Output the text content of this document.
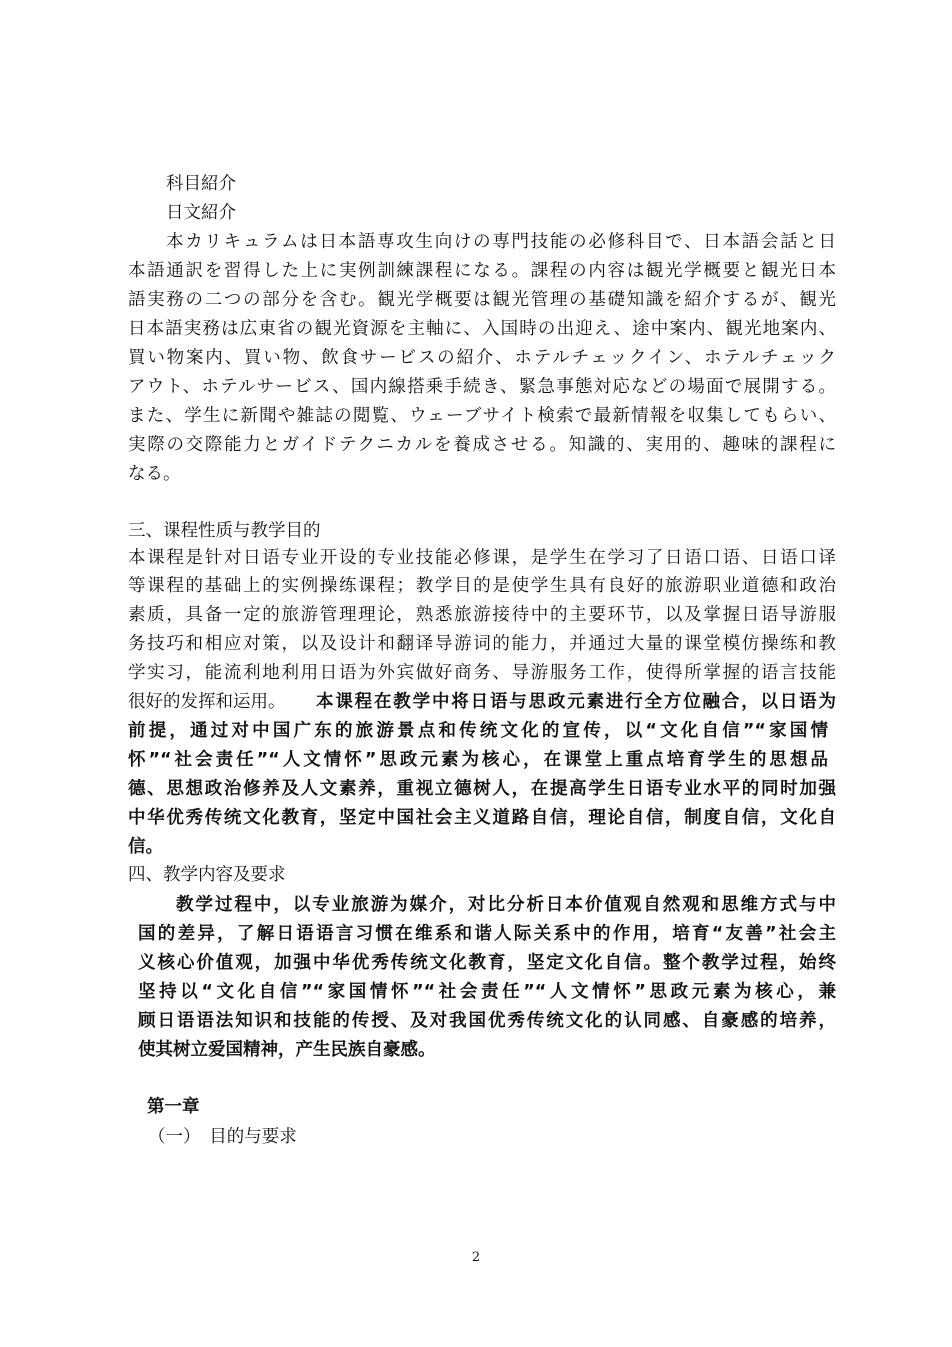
科目紹介
日文紹介
本カリキュラムは日本語専攻生向けの専門技能の必修科目で、日本語会話と日
本語通訳を習得した上に実例訓練課程になる。課程の内容は観光学概要と観光日本
語実務の二つの部分を含む。観光学概要は観光管理の基礎知識を紹介するが、観光
日本語実務は広東省の観光資源を主軸に、入国時の出迎え、途中案内、観光地案内、
買い物案内、買い物、飲食サービスの紹介、ホテルチェックイン、ホテルチェック
アウト、ホテルサービス、国内線搭乗手続き、緊急事態対応などの場面で展開する。
また、学生に新聞や雑誌の閲覧、ウェーブサイト検索で最新情報を収集してもらい、
実際の交際能力とガイドテクニカルを養成させる。知識的、実用的、趣味的課程に
なる。
三、课程性质与教学目的
本课程是针对日语专业开设的专业技能必修课，是学生在学习了日语口语、日语口译
等课程的基础上的实例操练课程；教学目的是使学生具有良好的旅游职业道德和政治
素质，具备一定的旅游管理理论，熟悉旅游接待中的主要环节，以及掌握日语导游服
务技巧和相应对策，以及设计和翻译导游词的能力，并通过大量的课堂模仿操练和教
学实习，能流利地利用日语为外宾做好商务、导游服务工作，使得所掌握的语言技能
很好的发挥和运用。 本课程在教学中将日语与思政元素进行全方位融合，以日语为
前提，通过对中国广东的旅游景点和传统文化的宣传，以“文化自信”“家国情
怀”“社会责任”“人文情怀”思政元素为核心，在课堂上重点培育学生的思想品
德、思想政治修养及人文素养，重视立德树人，在提高学生日语专业水平的同时加强
中华优秀传统文化教育，坚定中国社会主义道路自信，理论自信，制度自信，文化自
信。
四、教学内容及要求
教学过程中，以专业旅游为媒介，对比分析日本价值观自然观和思维方式与中
国的差异，了解日语语言习惯在维系和谐人际关系中的作用，培育“友善”社会主
义核心价值观，加强中华优秀传统文化教育，坚定文化自信。整个教学过程，始终
坚持以“文化自信”“家国情怀”“社会责任”“人文情怀”思政元素为核心，兼
顾日语语法知识和技能的传授、及对我国优秀传统文化的认同感、自豪感的培养，
使其树立爱国精神，产生民族自豪感。
第一章
（一）　目的与要求
2
